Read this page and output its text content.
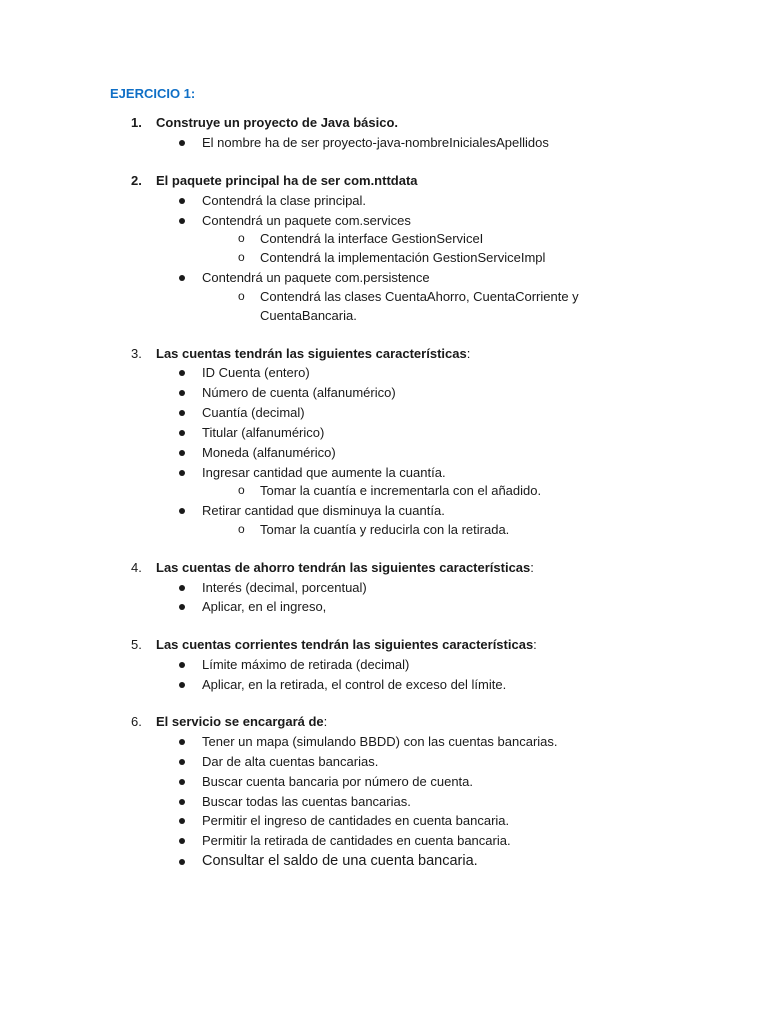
EJERCICIO 1:
1.	Construye un proyecto de Java básico.
El nombre ha de ser proyecto-java-nombreInicialesApellidos
2.	El paquete principal ha de ser com.nttdata
Contendrá la clase principal.
Contendrá un paquete com.services
o Contendrá la interface GestionServiceI
o Contendrá la implementación GestionServiceImpl
Contendrá un paquete com.persistence
o Contendrá las clases CuentaAhorro, CuentaCorriente y CuentaBancaria.
3.	Las cuentas tendrán las siguientes características:
ID Cuenta (entero)
Número de cuenta (alfanumérico)
Cuantía (decimal)
Titular (alfanumérico)
Moneda (alfanumérico)
Ingresar cantidad que aumente la cuantía.
o Tomar la cuantía e incrementarla con el añadido.
Retirar cantidad que disminuya la cuantía.
o Tomar la cuantía y reducirla con la retirada.
4.	Las cuentas de ahorro tendrán las siguientes características:
Interés (decimal, porcentual)
Aplicar, en el ingreso,
5.	Las cuentas corrientes tendrán las siguientes características:
Límite máximo de retirada (decimal)
Aplicar, en la retirada, el control de exceso del límite.
6.	El servicio se encargará de:
Tener un mapa (simulando BBDD) con las cuentas bancarias.
Dar de alta cuentas bancarias.
Buscar cuenta bancaria por número de cuenta.
Buscar todas las cuentas bancarias.
Permitir el ingreso de cantidades en cuenta bancaria.
Permitir la retirada de cantidades en cuenta bancaria.
Consultar el saldo de una cuenta bancaria.
